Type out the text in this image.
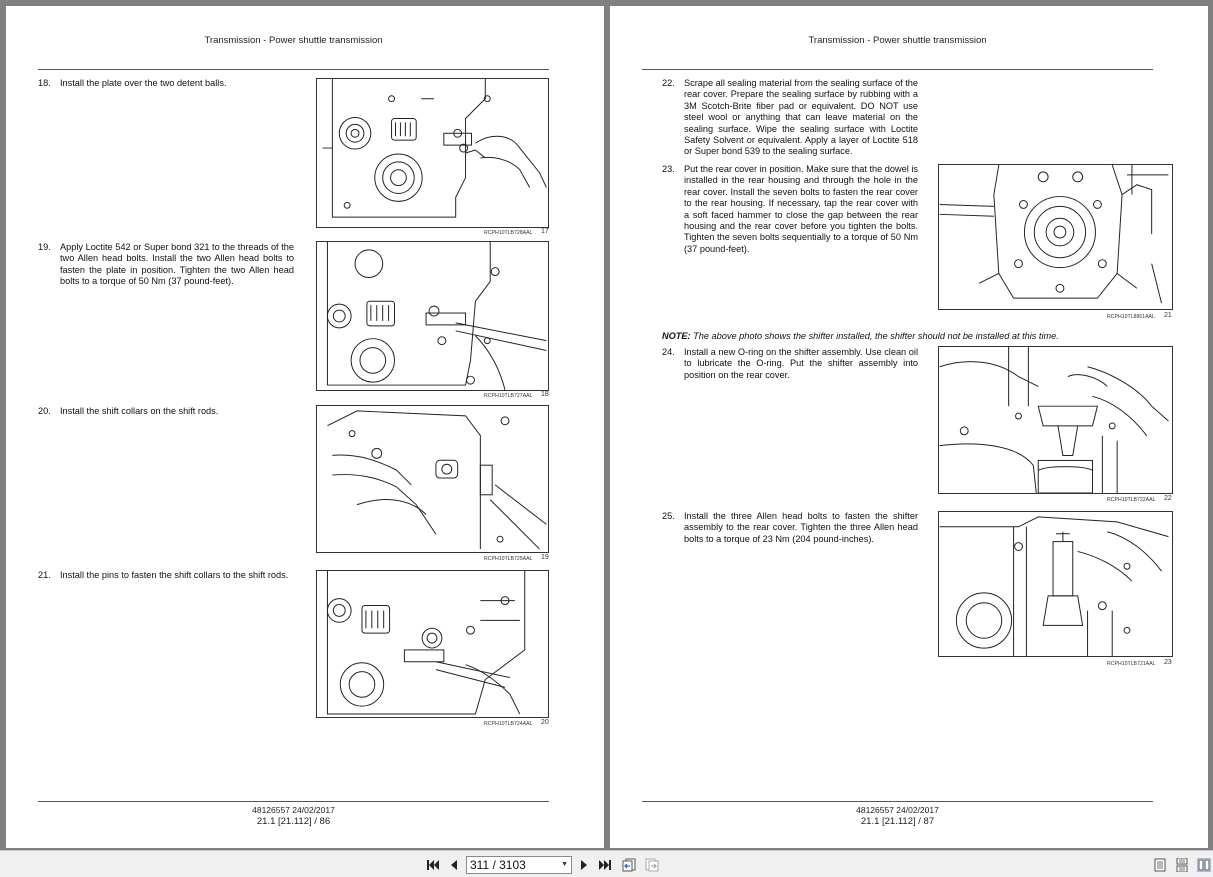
Transmission - Power shuttle transmission
18. Install the plate over the two detent balls.
RCPH10TLB728AAL 17
19. Apply Loctite 542 or Super bond 321 to the threads of the two Allen head bolts. Install the two Allen head bolts to fasten the plate in position. Tighten the two Allen head bolts to a torque of 50 Nm (37 pound-feet).
RCPH10TLB727AAL 18
20. Install the shift collars on the shift rods.
RCPH10TLB725AAL 19
21. Install the pins to fasten the shift collars to the shift rods.
RCPH10TLB724AAL 20
48126557 24/02/2017
21.1 [21.112] / 86
Transmission - Power shuttle transmission
22. Scrape all sealing material from the sealing surface of the rear cover. Prepare the sealing surface by rubbing with a 3M Scotch-Brite fiber pad or equivalent. DO NOT use steel wool or anything that can leave material on the sealing surface. Wipe the sealing surface with Loctite Safety Solvent or equivalent. Apply a layer of Loctite 518 or Super bond 539 to the sealing surface.
23. Put the rear cover in position. Make sure that the dowel is installed in the rear housing and through the hole in the rear cover. Install the seven bolts to fasten the rear cover to the rear housing. If necessary, tap the rear cover with a soft faced hammer to close the gap between the rear housing and the rear cover before you tighten the bolts. Tighten the seven bolts sequentially to a torque of 50 Nm (37 pound-feet).
RCPH10TL8861AAL 21
NOTE: The above photo shows the shifter installed, the shifter should not be installed at this time.
24. Install a new O-ring on the shifter assembly. Use clean oil to lubricate the O-ring. Put the shifter assembly into position on the rear cover.
RCPH10TLB722AAL 22
25. Install the three Allen head bolts to fasten the shifter assembly to the rear cover. Tighten the three Allen head bolts to a torque of 23 Nm (204 pound-inches).
RCPH10TLB721AAL 23
48126557 24/02/2017
21.1 [21.112] / 87
311 / 3103	▼
